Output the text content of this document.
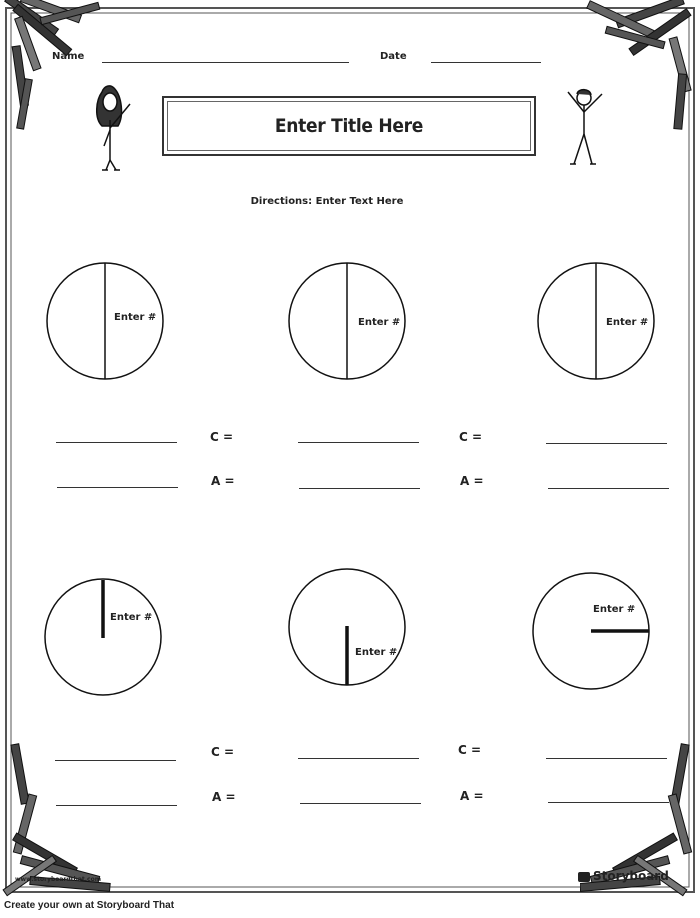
Name	Date
Enter Title Here
Directions: Enter Text Here
Enter #	Enter #	Enter #
C =
A =
C =
A =
Enter #
Enter #
Enter #
C =
A =
C =
A =
www.storyboardthat.com	Storyboard
Create your own at Storyboard That
